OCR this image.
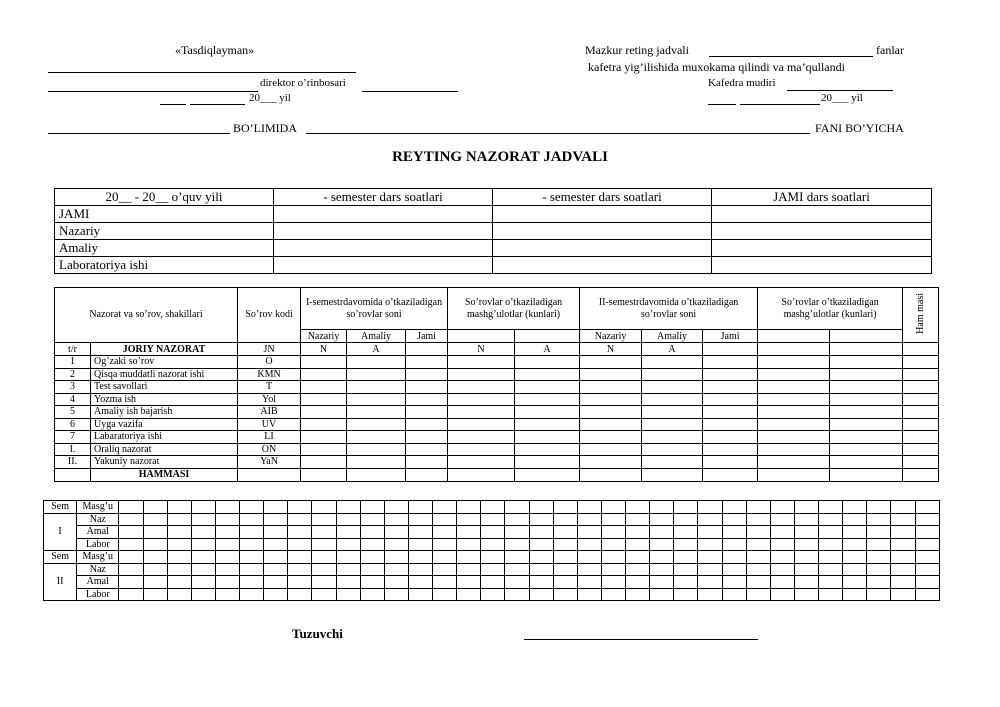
«Tasdiqlayman»
direktor o’rinbosari
20___ yil
Mazkur reting jadvali	fanlar
kafetra yig’ilishida muxokama qilindi va ma’qullandi
Kafedra mudiri
20___ yil
BO’LIMIDA	FANI BO’YICHA
REYTING NAZORAT JADVALI
20__ - 20__ o’quv yili	- semester dars soatlari	- semester dars soatlari	JAMI dars soatlari
JAMI			
Nazariy			
Amaliy			
Laboratoriya ishi			
Nazorat va so’rov, shakillari		So’rov kodi	I-semestrdavomida o’tkaziladigan so’rovlar soni			So’rovlar o’tkaziladigan mashg’ulotlar (kunlari)		II-semestrdavomida o’tkaziladigan so’rovlar soni			So’rovlar o’tkaziladigan mashg’ulotlar (kunlari)		Ham masi
			Nazariy	Amaliy	Jami			Nazariy	Amaliy	Jami			
t/r	JORIY NAZORAT	JN	N	A		N	A	N	A				
1	Og’zaki so’rov	O											
2	Qisqa muddatli nazorat ishi	KMN											
3	Test savollari	T											
4	Yozma ish	Yol											
5	Amaliy ish bajarish	AIB											
6	Uyga vazifa	UV											
7	Labaratoriya ishi	LI											
I.	Oraliq nazorat	ON											
II.	Yakuniy nazorat	YaN											
	HAMMASI												
Sem	Masg’u																																		
I	Naz																																		
	Amal																																		
	Labor																																		
Sem	Masg’u																																		
II	Naz																																		
	Amal																																		
	Labor																																		
Tuzuvchi
